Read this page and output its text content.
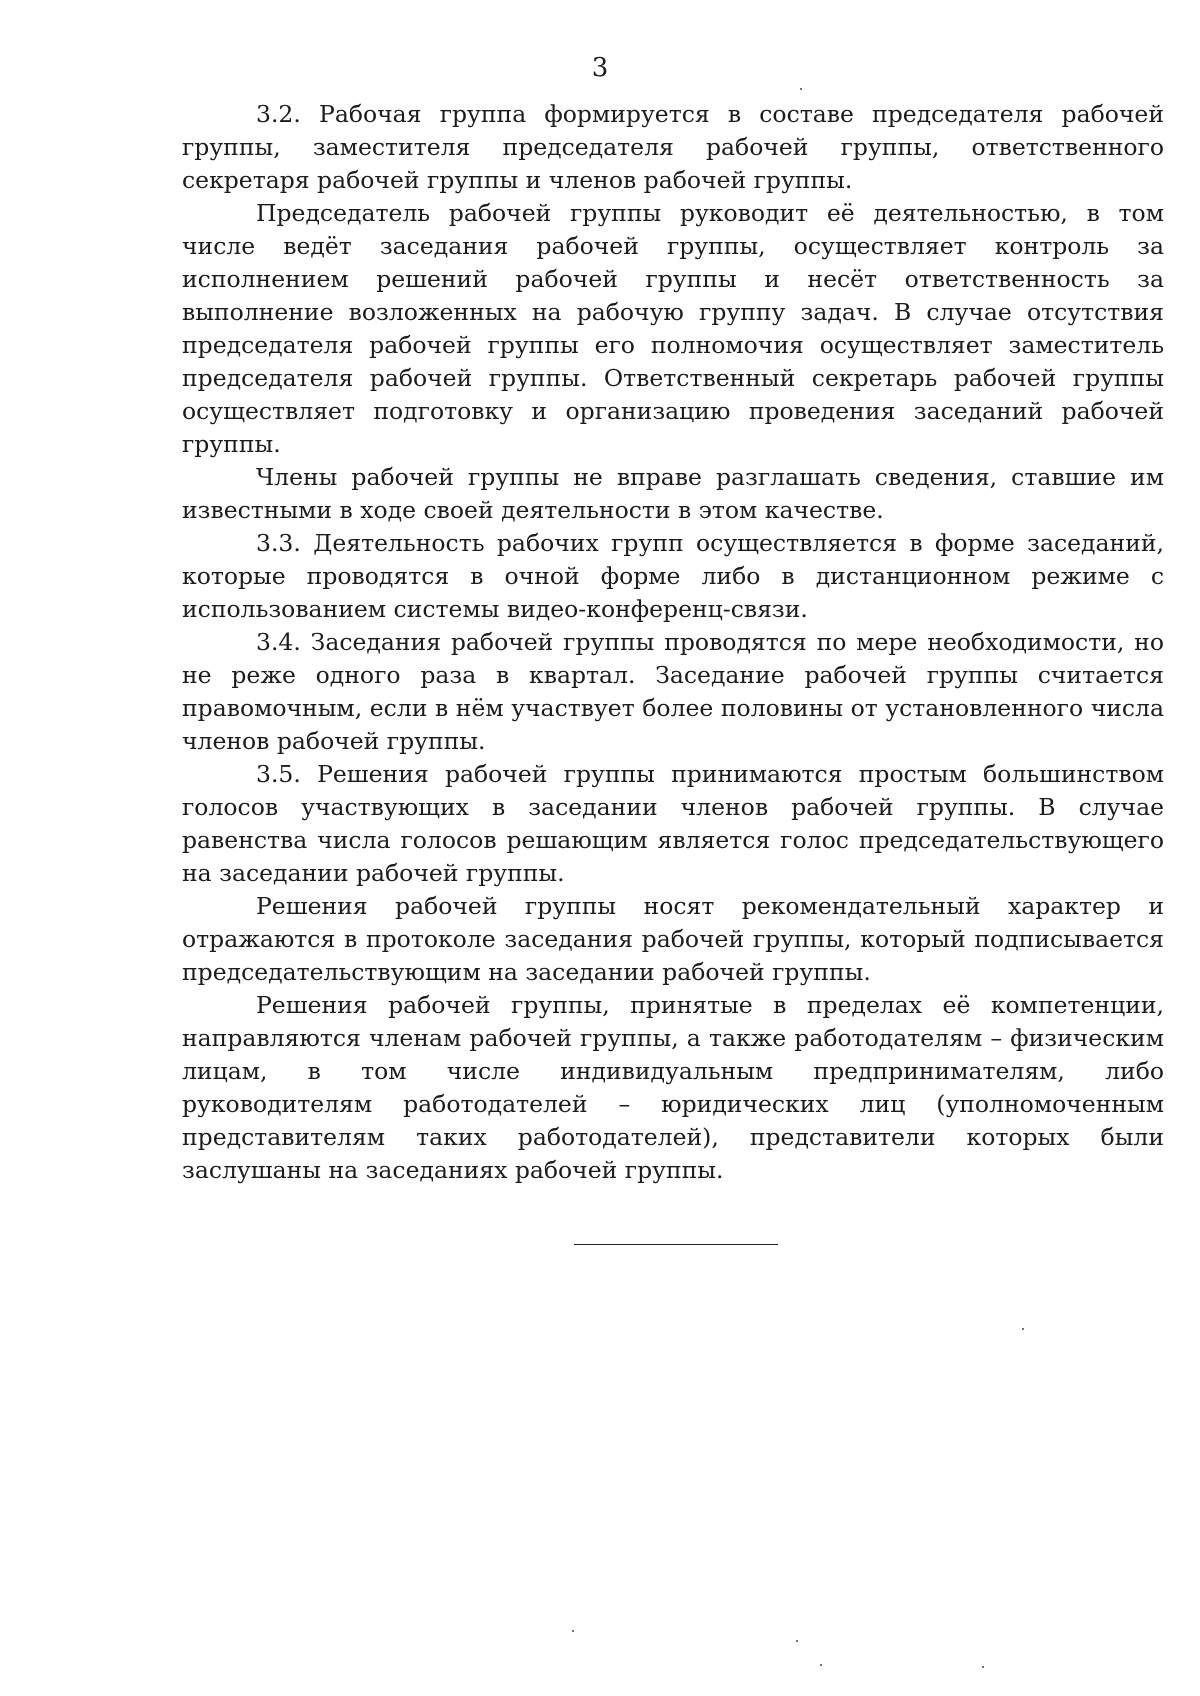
3

3.2. Рабочая группа формируется в составе председателя рабочей группы, заместителя председателя рабочей группы, ответственного секретаря рабочей группы и членов рабочей группы.

Председатель рабочей группы руководит её деятельностью, в том числе ведёт заседания рабочей группы, осуществляет контроль за исполнением решений рабочей группы и несёт ответственность за выполнение возложенных на рабочую группу задач. В случае отсутствия председателя рабочей группы его полномочия осуществляет заместитель председателя рабочей группы. Ответственный секретарь рабочей группы осуществляет подготовку и организацию проведения заседаний рабочей группы.

Члены рабочей группы не вправе разглашать сведения, ставшие им известными в ходе своей деятельности в этом качестве.

3.3. Деятельность рабочих групп осуществляется в форме заседаний, которые проводятся в очной форме либо в дистанционном режиме с использованием системы видео-конференц-связи.

3.4. Заседания рабочей группы проводятся по мере необходимости, но не реже одного раза в квартал. Заседание рабочей группы считается правомочным, если в нём участвует более половины от установленного числа членов рабочей группы.

3.5. Решения рабочей группы принимаются простым большинством голосов участвующих в заседании членов рабочей группы. В случае равенства числа голосов решающим является голос председательствующего на заседании рабочей группы.

Решения рабочей группы носят рекомендательный характер и отражаются в протоколе заседания рабочей группы, который подписывается председательствующим на заседании рабочей группы.

Решения рабочей группы, принятые в пределах её компетенции, направляются членам рабочей группы, а также работодателям – физическим лицам, в том числе индивидуальным предпринимателям, либо руководителям работодателей – юридических лиц (уполномоченным представителям таких работодателей), представители которых были заслушаны на заседаниях рабочей группы.
